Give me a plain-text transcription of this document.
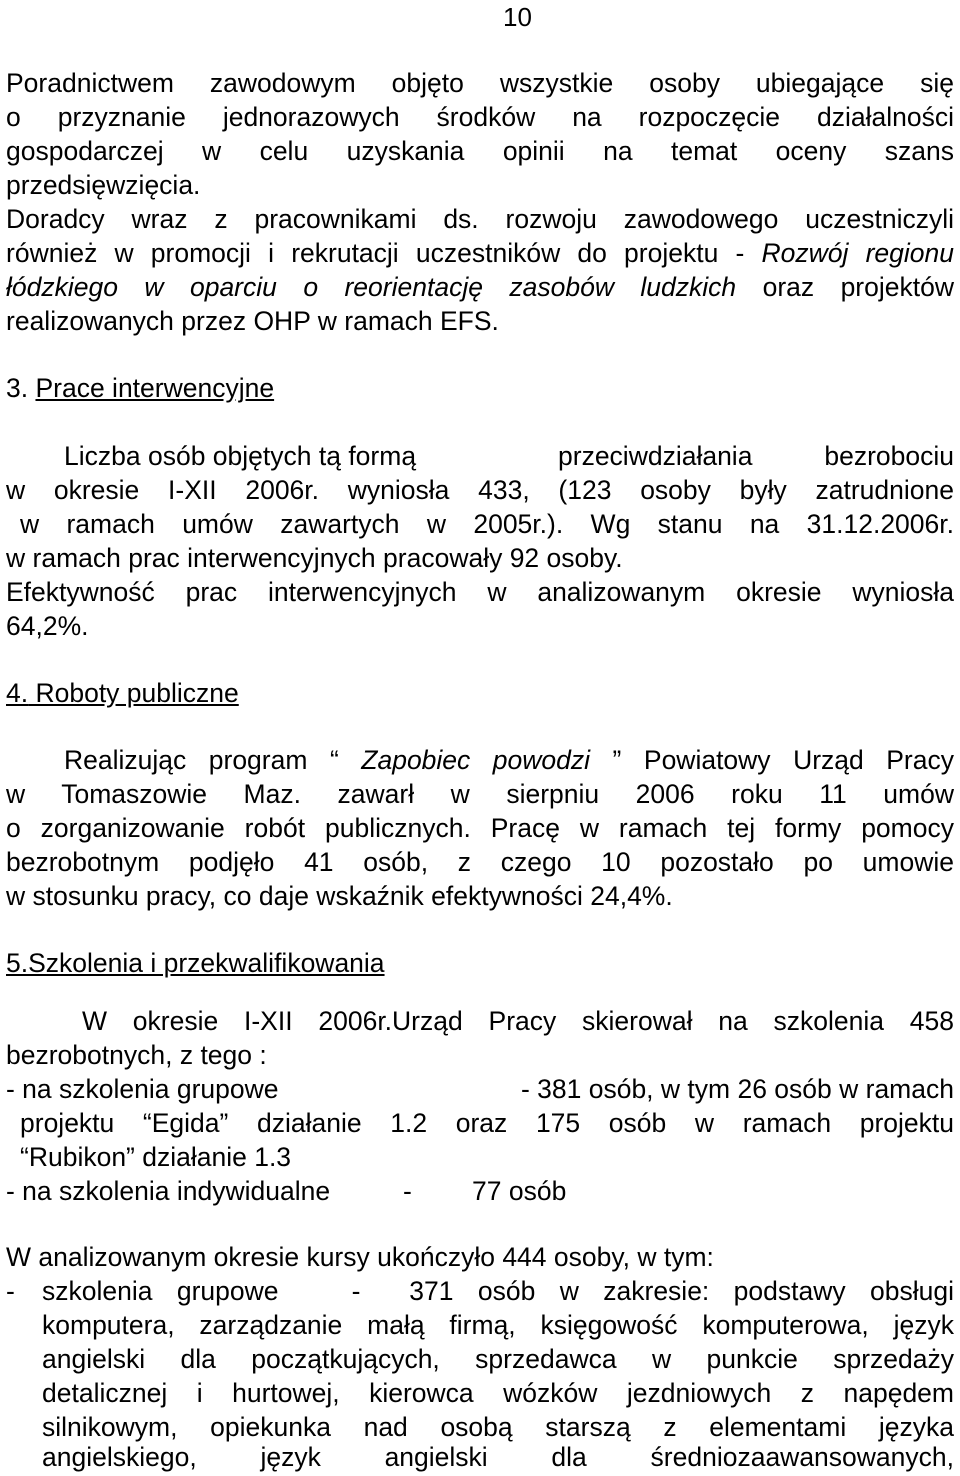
10
Poradnictwem zawodowym objęto wszystkie osoby ubiegające się
o przyznanie jednorazowych środków na rozpoczęcie działalności
gospodarczej w celu uzyskania opinii na temat oceny szans
przedsięwzięcia.
Doradcy wraz z pracownikami ds. rozwoju zawodowego uczestniczyli
również w promocji i rekrutacji uczestników do projektu - Rozwój regionu
łódzkiego w oparciu o reorientację zasobów ludzkich oraz projektów
realizowanych przez OHP w ramach EFS.
3. Prace interwencyjne
Liczba osób objętych tą formą	przeciwdziałania	bezrobociu
w okresie I-XII 2006r. wyniosła 433, (123 osoby były zatrudnione
w ramach umów zawartych w 2005r.). Wg stanu na 31.12.2006r.
w ramach prac interwencyjnych pracowały 92 osoby.
Efektywność prac interwencyjnych w analizowanym okresie wyniosła
64,2%.
4. Roboty publiczne
Realizując program “ Zapobiec powodzi ” Powiatowy Urząd Pracy
w Tomaszowie Maz. zawarł w sierpniu 2006 roku 11 umów
o zorganizowanie robót publicznych. Pracę w ramach tej formy pomocy
bezrobotnym podjęło 41 osób, z czego 10 pozostało po umowie
w stosunku pracy, co daje wskaźnik efektywności 24,4%.
5.Szkolenia i przekwalifikowania
W okresie I-XII 2006r.Urząd Pracy skierował na szkolenia 458
bezrobotnych, z tego :
- na szkolenia grupowe	- 381 osób, w tym 26 osób w ramach
projektu “Egida” działanie 1.2 oraz 175 osób w ramach projektu
“Rubikon” działanie 1.3
- na szkolenia indywidualne	- 77 osób
W analizowanym okresie kursy ukończyło 444 osoby, w tym:
- szkolenia grupowe   -  371 osób w zakresie: podstawy obsługi
komputera, zarządzanie małą firmą, księgowość komputerowa, język
angielski dla początkujących, sprzedawca w punkcie sprzedaży
detalicznej i hurtowej, kierowca wózków jezdniowych z napędem
silnikowym, opiekunka nad osobą starszą z elementami języka
angielskiego, język angielski dla średniozaawansowanych,
